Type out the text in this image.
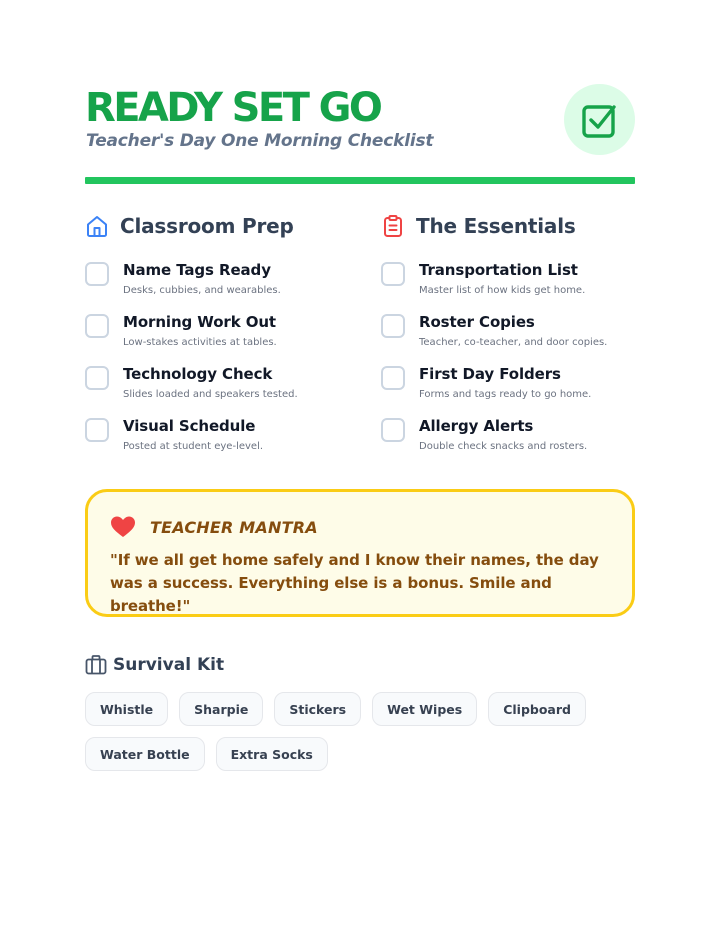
READY SET GO
Teacher's Day One Morning Checklist
Classroom Prep
Name Tags Ready
Desks, cubbies, and wearables.
Morning Work Out
Low-stakes activities at tables.
Technology Check
Slides loaded and speakers tested.
Visual Schedule
Posted at student eye-level.
The Essentials
Transportation List
Master list of how kids get home.
Roster Copies
Teacher, co-teacher, and door copies.
First Day Folders
Forms and tags ready to go home.
Allergy Alerts
Double check snacks and rosters.
TEACHER MANTRA
"If we all get home safely and I know their names, the day was a success. Everything else is a bonus. Smile and breathe!"
Survival Kit
Whistle	Sharpie	Stickers	Wet Wipes	Clipboard
Water Bottle	Extra Socks
